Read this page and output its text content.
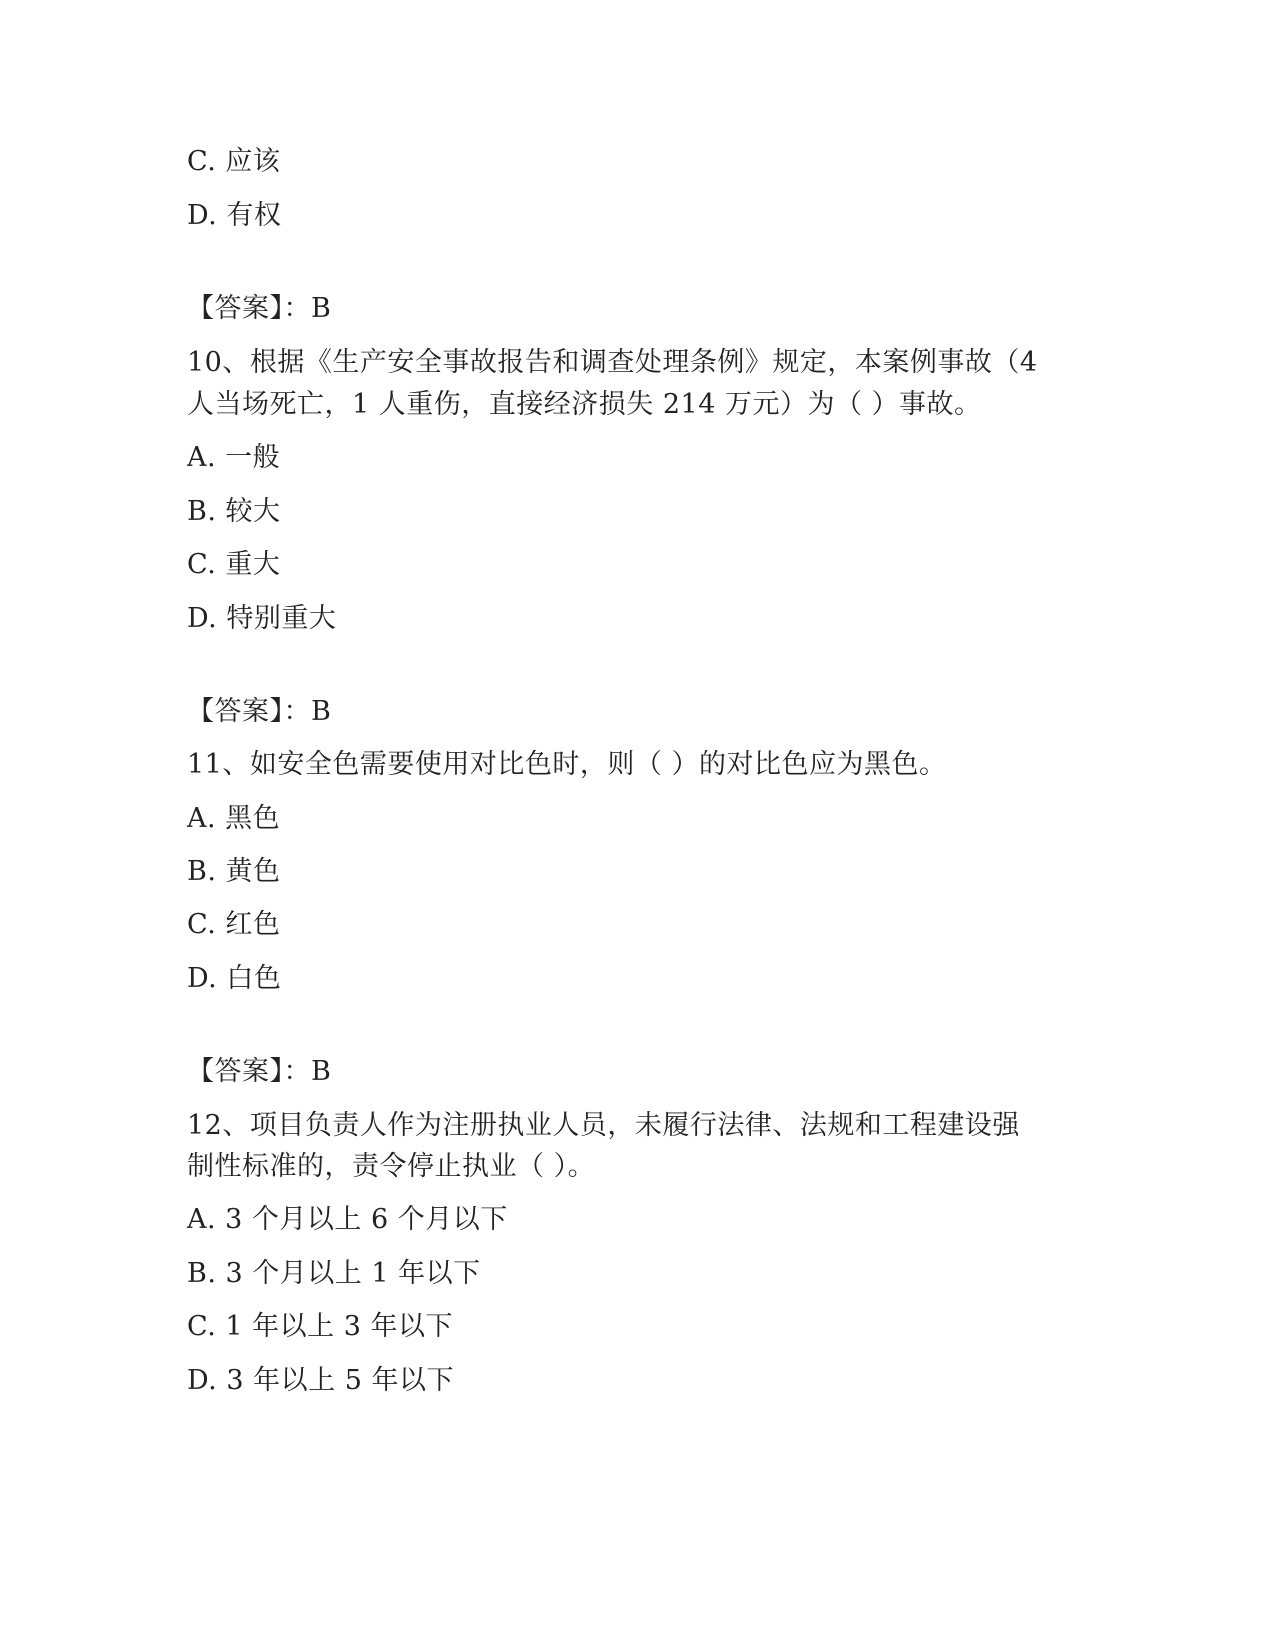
C. 应该
D. 有权
【答案】：B
10、根据《生产安全事故报告和调查处理条例》规定，本案例事故（4
人当场死亡，1 人重伤，直接经济损失 214 万元）为（ ）事故。
A. 一般
B. 较大
C. 重大
D. 特别重大
【答案】：B
11、如安全色需要使用对比色时，则（ ）的对比色应为黑色。
A. 黑色
B. 黄色
C. 红色
D. 白色
【答案】：B
12、项目负责人作为注册执业人员，未履行法律、法规和工程建设强
制性标准的，责令停止执业（ ）。
A. 3 个月以上 6 个月以下
B. 3 个月以上 1 年以下
C. 1 年以上 3 年以下
D. 3 年以上 5 年以下
